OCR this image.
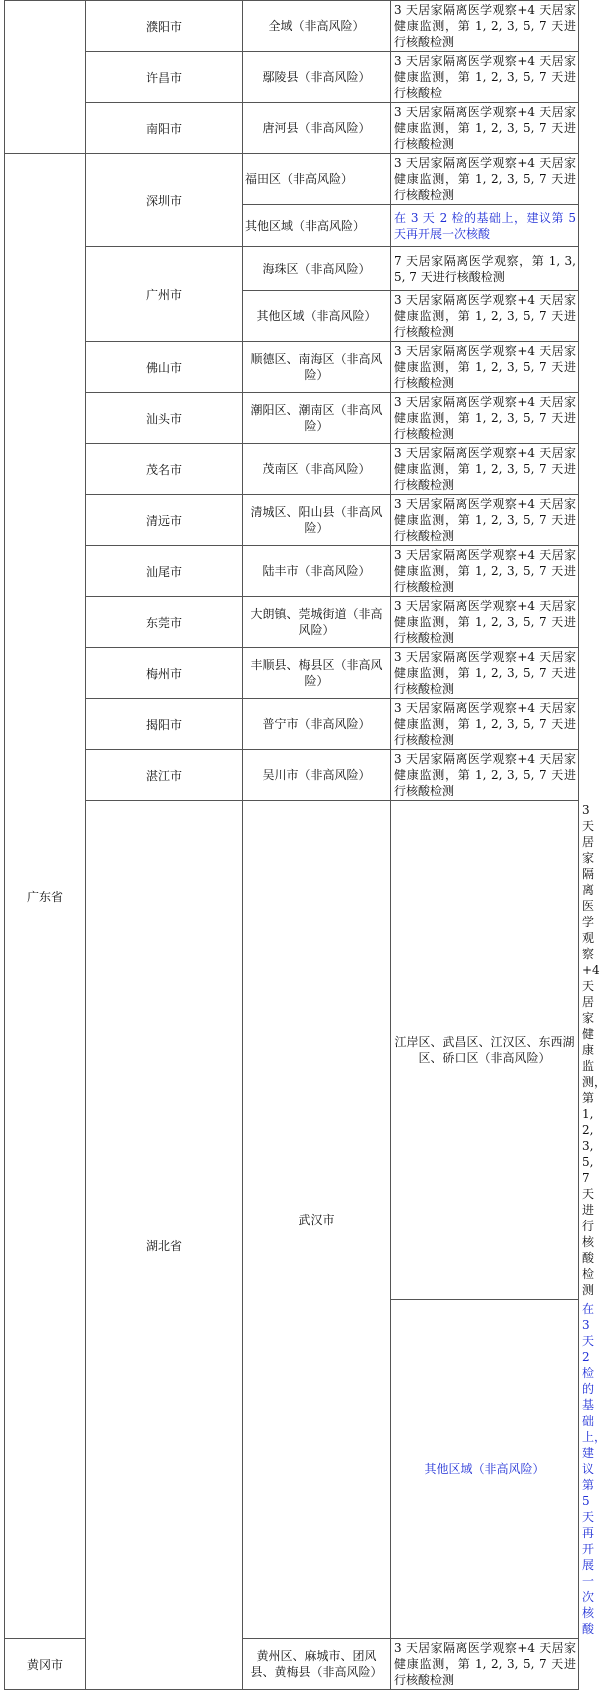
	濮阳市	全域（非高风险）	3 天居家隔离医学观察+4 天居家健康监测，第 1, 2, 3, 5, 7 天进行核酸检测	
	许昌市	鄢陵县（非高风险）	3 天居家隔离医学观察+4 天居家健康监测，第 1, 2, 3, 5, 7 天进行核酸检	
	南阳市	唐河县（非高风险）	3 天居家隔离医学观察+4 天居家健康监测，第 1, 2, 3, 5, 7 天进行核酸检测	
广东省	深圳市	福田区（非高风险）	3 天居家隔离医学观察+4 天居家健康监测，第 1, 2, 3, 5, 7 天进行核酸检测	
		其他区域（非高风险）	在 3 天 2 检的基础上，建议第 5 天再开展一次核酸	
	广州市	海珠区（非高风险）	7 天居家隔离医学观察，第 1, 3, 5, 7 天进行核酸检测	
		其他区域（非高风险）	3 天居家隔离医学观察+4 天居家健康监测，第 1, 2, 3, 5, 7 天进行核酸检测	
	佛山市	顺德区、南海区（非高风险）	3 天居家隔离医学观察+4 天居家健康监测，第 1, 2, 3, 5, 7 天进行核酸检测	
	汕头市	潮阳区、潮南区（非高风险）	3 天居家隔离医学观察+4 天居家健康监测，第 1, 2, 3, 5, 7 天进行核酸检测	
	茂名市	茂南区（非高风险）	3 天居家隔离医学观察+4 天居家健康监测，第 1, 2, 3, 5, 7 天进行核酸检测	
	清远市	清城区、阳山县（非高风险）	3 天居家隔离医学观察+4 天居家健康监测，第 1, 2, 3, 5, 7 天进行核酸检测	
	汕尾市	陆丰市（非高风险）	3 天居家隔离医学观察+4 天居家健康监测，第 1, 2, 3, 5, 7 天进行核酸检测	
	东莞市	大朗镇、莞城街道（非高风险）	3 天居家隔离医学观察+4 天居家健康监测，第 1, 2, 3, 5, 7 天进行核酸检测	
	梅州市	丰顺县、梅县区（非高风险）	3 天居家隔离医学观察+4 天居家健康监测，第 1, 2, 3, 5, 7 天进行核酸检测	
	揭阳市	普宁市（非高风险）	3 天居家隔离医学观察+4 天居家健康监测，第 1, 2, 3, 5, 7 天进行核酸检测	
	湛江市	吴川市（非高风险）	3 天居家隔离医学观察+4 天居家健康监测，第 1, 2, 3, 5, 7 天进行核酸检测	
	湖北省	武汉市	江岸区、武昌区、江汉区、东西湖区、硚口区（非高风险）	3 天居家隔离医学观察+4 天居家健康监测，第 1, 2, 3, 5, 7 天进行核酸检测
			其他区域（非高风险）	在 3 天 2 检的基础上，建议第 5 天再开展一次核酸
黄冈市		黄州区、麻城市、团风县、黄梅县（非高风险）	3 天居家隔离医学观察+4 天居家健康监测，第 1, 2, 3, 5, 7 天进行核酸检测	
